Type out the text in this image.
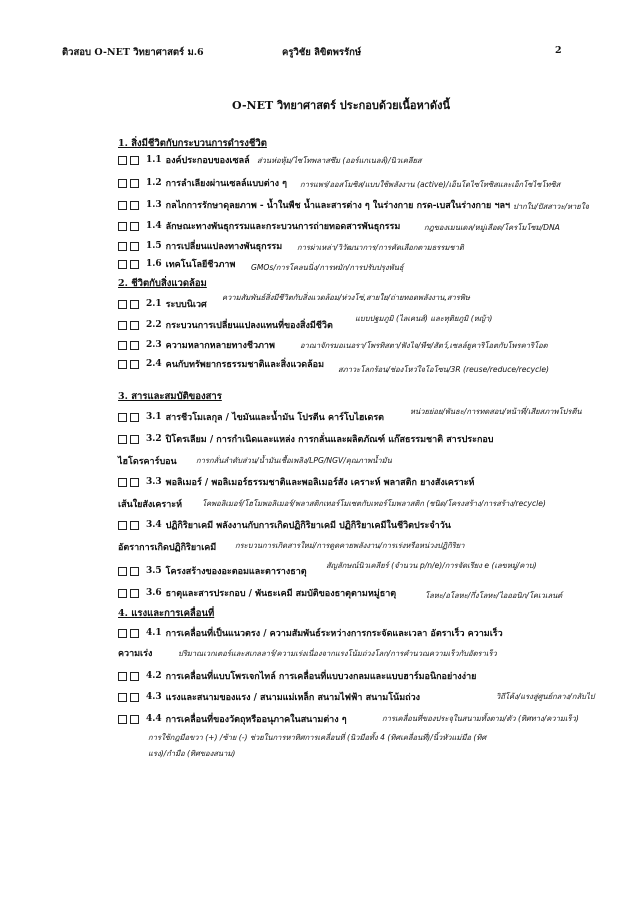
ติวสอบ O-NET วิทยาศาสตร์ ม.6	ครูวิชัย ลิขิตพรรักษ์	2
O-NET วิทยาศาสตร์ ประกอบด้วยเนื้อหาดังนี้
1. สิ่งมีชีวิตกับกระบวนการดำรงชีวิต
1.1 องค์ประกอบของเซลล์ ส่วนห่อหุ้ม/ไซโทพลาสซึม (ออร์แกเนลล์)/นิวเคลียส
1.2 การลำเลียงผ่านเซลล์แบบต่าง ๆ การแพร่/ออสโมซิส/แบบใช้พลังงาน (active)/เอ็นโดไซโทซิสและเอ็กโซไซโทซิส
1.3 กลไกการรักษาดุลยภาพ - น้ำในพืช น้ำและสารต่าง ๆ ในร่างกาย กรด-เบสในร่างกาย ฯลฯ ปากใบ/ปัสสาวะ/หายใจ
1.4 ลักษณะทางพันธุกรรมและกระบวนการถ่ายทอดสารพันธุกรรม	กฎของเมนเดล/หมู่เลือด/โครโมโซม/DNA
1.5 การเปลี่ยนแปลงทางพันธุกรรม การผ่าเหล่า/วิวัฒนาการ/การคัดเลือกตามธรรมชาติ
1.6 เทคโนโลยีชีวภาพ GMOs/การโคลนนิ่ง/การหมัก/การปรับปรุงพันธุ์
2. ชีวิตกับสิ่งแวดล้อม
2.1 ระบบนิเวศ
ความสัมพันธ์สิ่งมีชีวิตกับสิ่งแวดล้อม/ห่วงโซ่,สายใย/ถ่ายทอดพลังงาน,สารพิษ
2.2 กระบวนการเปลี่ยนแปลงแทนที่ของสิ่งมีชีวิต
แบบปฐมภูมิ (ไลเคนส์) และทุติยภูมิ (หญ้า)
2.3 ความหลากหลายทางชีวภาพ	อาณาจักรมอเนอรา/โพรทิสตา/ฟังไจ/พืช/สัตว์,เซลล์ยูคาริโอตกับโพรคาริโอต
2.4 คนกับทรัพยากรธรรมชาติและสิ่งแวดล้อม สภาวะโลกร้อน/ช่องโหว่ใจโอโซน/3R (reuse/reduce/recycle)
3. สารและสมบัติของสาร
3.1 สารชีวโมเลกุล / ไขมันและน้ำมัน โปรตีน คาร์โบไฮเดรต
หน่วยย่อย/พันธะ/การทดสอบ/หน้าที่/เสียสภาพโปรตีน
3.2 ปิโตรเลียม / การกำเนิดและแหล่ง การกลั่นและผลิตภัณฑ์ แก๊สธรรมชาติ สารประกอบ
ไฮโดรคาร์บอน	การกลั่นลำดับส่วน/น้ำมันเชื้อเพลิง/LPG/NGV/คุณภาพน้ำมัน
3.3 พอลิเมอร์ / พอลิเมอร์ธรรมชาติและพอลิเมอร์สัง เคราะห์ พลาสติก ยางสังเคราะห์
เส้นใยสังเคราะห์	โคพอลิเมอร์/โฮโมพอลิเมอร์/พลาสติกเทอร์โมเซตกับเทอร์โมพลาสติก (ชนิด/โครงสร้าง/การสร้าง/recycle)
3.4 ปฏิกิริยาเคมี พลังงานกับการเกิดปฏิกิริยาเคมี ปฏิกิริยาเคมีในชีวิตประจำวัน
อัตราการเกิดปฏิกิริยาเคมี กระบวนการเกิดสารใหม่/การดูดคายพลังงาน/การเร่งหรือหน่วงปฏิกิริยา
3.5 โครงสร้างของอะตอมและตารางธาตุ
สัญลักษณ์นิวเคลียร์ (จำนวน p/n/e)/การจัดเรียง e (เลขหมู่/คาบ)
3.6 ธาตุและสารประกอบ / พันธะเคมี สมบัติของธาตุตามหมู่ธาตุ	โลหะ/อโลหะ/กึ่งโลหะ/ไอออนิก/โคเวเลนต์
4. แรงและการเคลื่อนที่
4.1 การเคลื่อนที่เป็นแนวตรง / ความสัมพันธ์ระหว่างการกระจัดและเวลา อัตราเร็ว ความเร็ว
ความเร่ง	ปริมาณเวกเตอร์และสเกลลาร์/ความเร่งเนื่องจากแรงโน้มถ่วงโลก/การคำนวณความเร็วกับอัตราเร็ว
4.2 การเคลื่อนที่แบบโพรเจกไทล์ การเคลื่อนที่แบบวงกลมและแบบฮาร์มอนิกอย่างง่าย
วิถีโค้ง/แรงสู่ศูนย์กลาง/กลับไป
4.3 แรงและสนามของแรง / สนามแม่เหล็ก สนามไฟฟ้า สนามโน้มถ่วง
4.4 การเคลื่อนที่ของวัตถุหรืออนุภาคในสนามต่าง ๆ	การเคลื่อนที่ของประจุในสนามทั้งตาม/ตัว (ทิศทาง/ความเร็ว)
การใช้กฎมือขวา (+) /ซ้าย (-) ช่วยในการหาทิศการเคลื่อนที่ (นิวมือทั้ง 4 (ทิศเคลื่อนที่)/นิ้วหัวแม่มือ (ทิศ
แรง)/กำมือ (ทิศของสนาม)
